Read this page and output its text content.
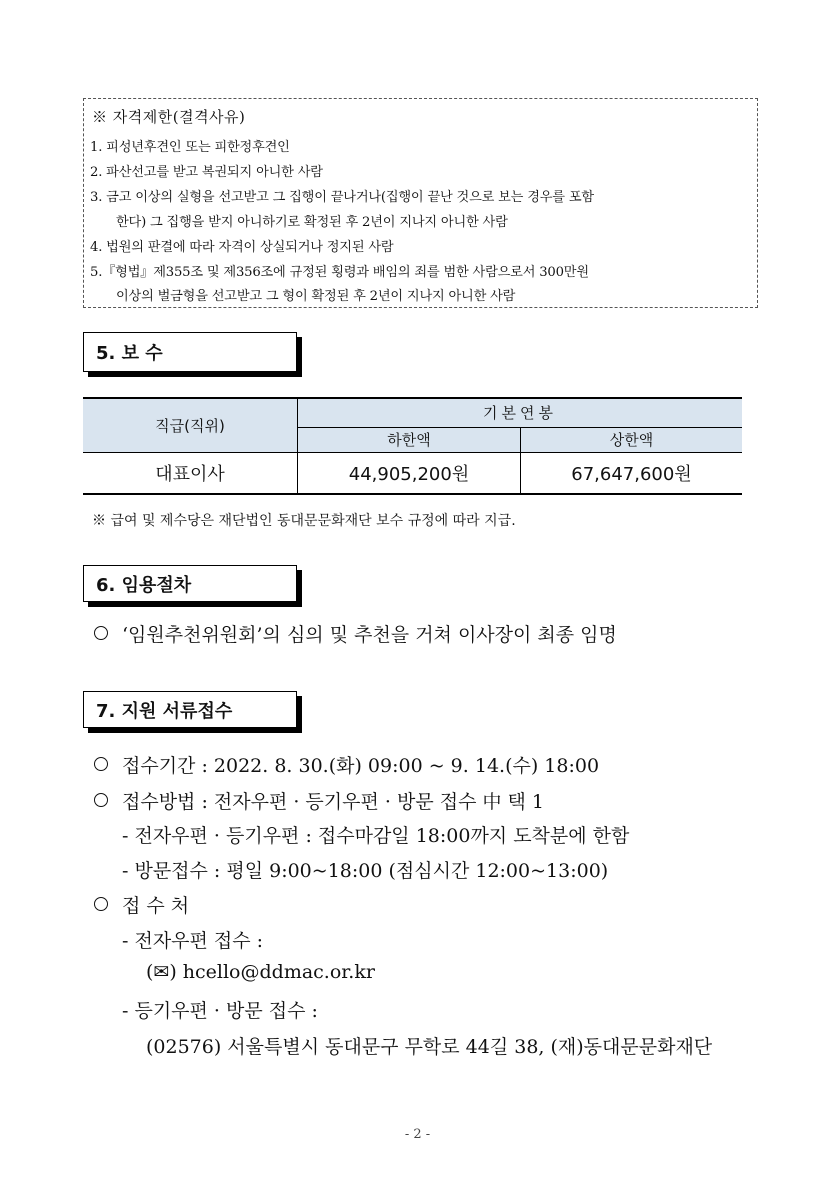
※ 자격제한(결격사유)
1. 피성년후견인 또는 피한정후견인
2. 파산선고를 받고 복권되지 아니한 사람
3. 금고 이상의 실형을 선고받고 그 집행이 끝나거나(집행이 끝난 것으로 보는 경우를 포함
한다) 그 집행을 받지 아니하기로 확정된 후 2년이 지나지 아니한 사람
4. 법원의 판결에 따라 자격이 상실되거나 정지된 사람
5.『형법』제355조 및 제356조에 규정된 횡령과 배임의 죄를 범한 사람으로서 300만원
이상의 벌금형을 선고받고 그 형이 확정된 후 2년이 지나지 아니한 사람
5. 보 수
직급(직위)	기본연봉	
	하한액	상한액
대표이사	44,905,200원	67,647,600원
※ 급여 및 제수당은 재단법인 동대문문화재단 보수 규정에 따라 지급.
6. 임용절차
‘임원추천위원회’의 심의 및 추천을 거쳐 이사장이 최종 임명
7. 지원 서류접수
접수기간 : 2022. 8. 30.(화) 09:00 ~ 9. 14.(수) 18:00
접수방법 : 전자우편 · 등기우편 · 방문 접수 中 택 1
- 전자우편 · 등기우편 : 접수마감일 18:00까지 도착분에 한함
- 방문접수 : 평일 9:00~18:00 (점심시간 12:00~13:00)
접 수 처
- 전자우편 접수 :
(✉) hcello@ddmac.or.kr
- 등기우편 · 방문 접수 :
(02576) 서울특별시 동대문구 무학로 44길 38, (재)동대문문화재단
- 2 -
